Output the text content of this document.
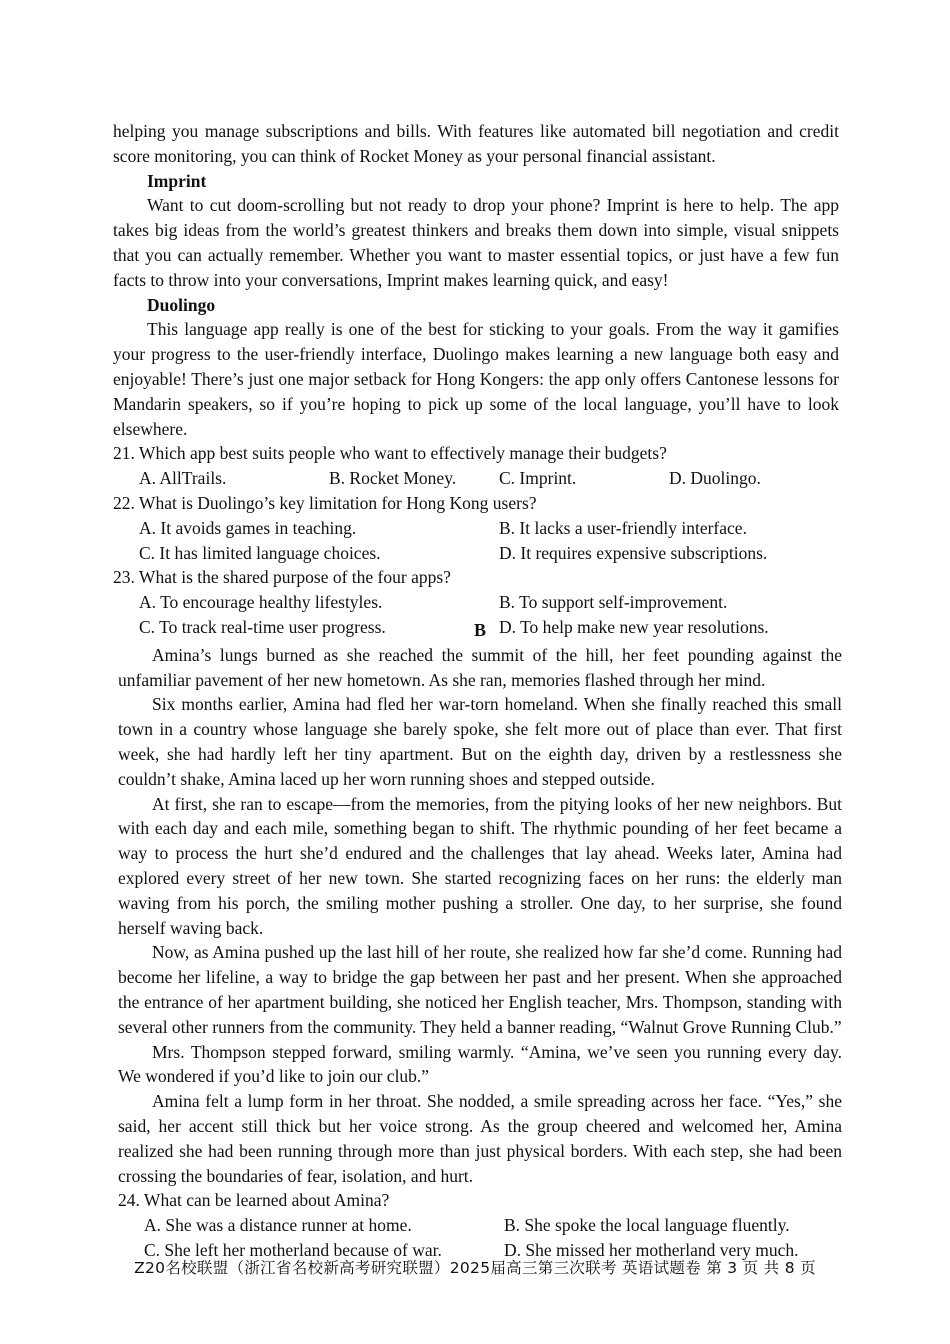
helping you manage subscriptions and bills. With features like automated bill negotiation and credit score monitoring, you can think of Rocket Money as your personal financial assistant.

Imprint

Want to cut doom-scrolling but not ready to drop your phone? Imprint is here to help. The app takes big ideas from the world’s greatest thinkers and breaks them down into simple, visual snippets that you can actually remember. Whether you want to master essential topics, or just have a few fun facts to throw into your conversations, Imprint makes learning quick, and easy!

Duolingo

This language app really is one of the best for sticking to your goals. From the way it gamifies your progress to the user-friendly interface, Duolingo makes learning a new language both easy and enjoyable! There’s just one major setback for Hong Kongers: the app only offers Cantonese lessons for Mandarin speakers, so if you’re hoping to pick up some of the local language, you’ll have to look elsewhere.

21. Which app best suits people who want to effectively manage their budgets?
A. AllTrails.	B. Rocket Money.	C. Imprint.	D. Duolingo.
22. What is Duolingo’s key limitation for Hong Kong users?
A. It avoids games in teaching.	B. It lacks a user-friendly interface.
C. It has limited language choices.	D. It requires expensive subscriptions.
23. What is the shared purpose of the four apps?
A. To encourage healthy lifestyles.	B. To support self-improvement.
C. To track real-time user progress.	D. To help make new year resolutions.
B

Amina’s lungs burned as she reached the summit of the hill, her feet pounding against the unfamiliar pavement of her new hometown. As she ran, memories flashed through her mind.

Six months earlier, Amina had fled her war-torn homeland. When she finally reached this small town in a country whose language she barely spoke, she felt more out of place than ever. That first week, she had hardly left her tiny apartment. But on the eighth day, driven by a restlessness she couldn’t shake, Amina laced up her worn running shoes and stepped outside.

At first, she ran to escape—from the memories, from the pitying looks of her new neighbors. But with each day and each mile, something began to shift. The rhythmic pounding of her feet became a way to process the hurt she’d endured and the challenges that lay ahead. Weeks later, Amina had explored every street of her new town. She started recognizing faces on her runs: the elderly man waving from his porch, the smiling mother pushing a stroller. One day, to her surprise, she found herself waving back.

Now, as Amina pushed up the last hill of her route, she realized how far she’d come. Running had become her lifeline, a way to bridge the gap between her past and her present. When she approached the entrance of her apartment building, she noticed her English teacher, Mrs. Thompson, standing with several other runners from the community. They held a banner reading, “Walnut Grove Running Club.”

Mrs. Thompson stepped forward, smiling warmly. “Amina, we’ve seen you running every day. We wondered if you’d like to join our club.”

Amina felt a lump form in her throat. She nodded, a smile spreading across her face. “Yes,” she said, her accent still thick but her voice strong. As the group cheered and welcomed her, Amina realized she had been running through more than just physical borders. With each step, she had been crossing the boundaries of fear, isolation, and hurt.

24. What can be learned about Amina?
A. She was a distance runner at home.	B. She spoke the local language fluently.
C. She left her motherland because of war.	D. She missed her motherland very much.
Z20名校联盟（浙江省名校新高考研究联盟）2025届高三第三次联考 英语试题卷 第 3 页 共 8 页
